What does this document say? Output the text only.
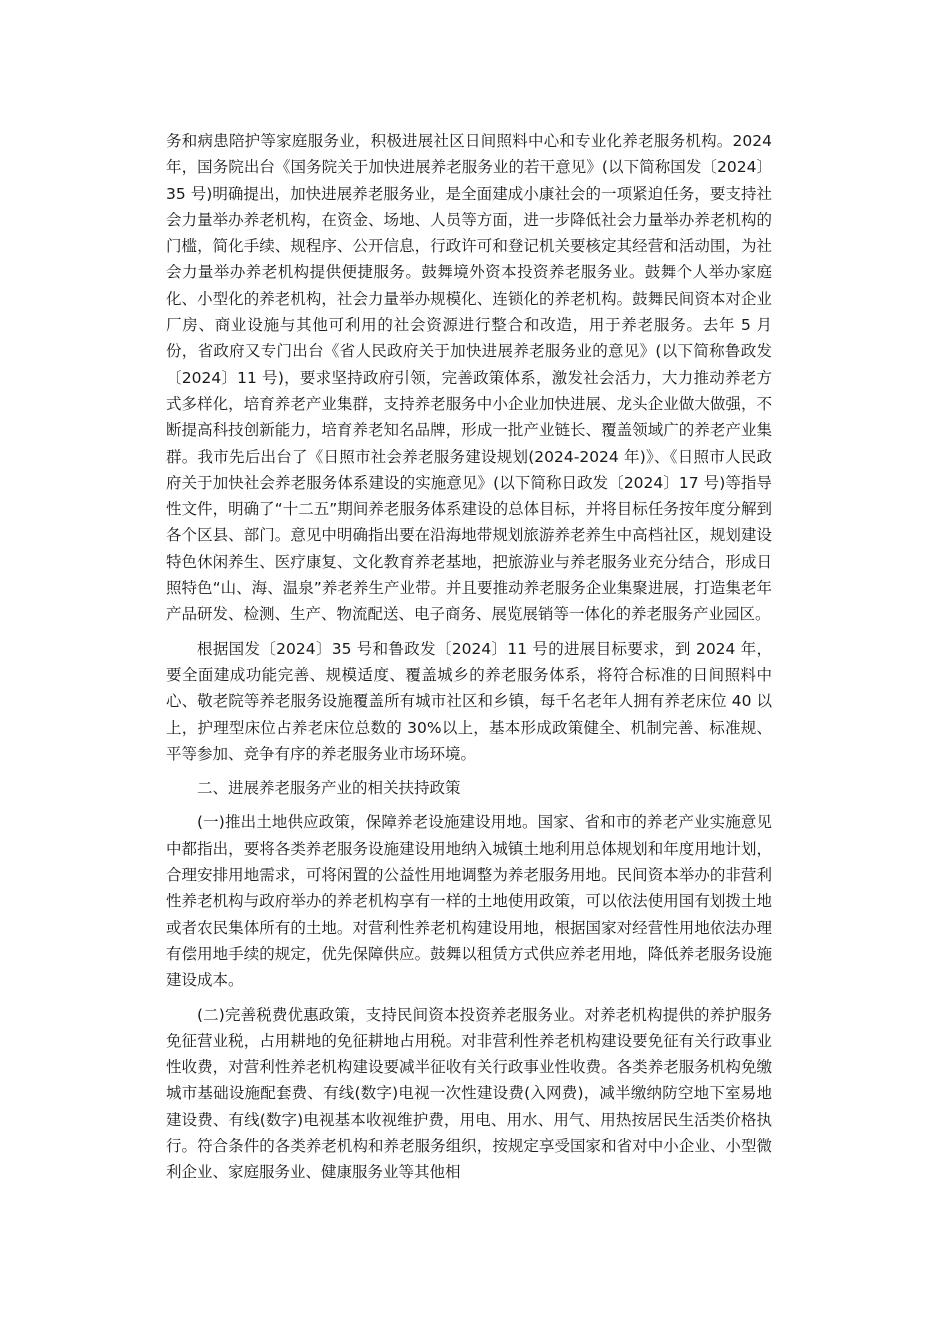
务和病患陪护等家庭服务业，积极进展社区日间照料中心和专业化养老服务机构。2024 年，国务院出台《国务院关于加快进展养老服务业的若干意见》(以下简称国发〔2024〕35 号)明确提出，加快进展养老服务业，是全面建成小康社会的一项紧迫任务，要支持社会力量举办养老机构，在资金、场地、人员等方面，进一步降低社会力量举办养老机构的门槛，简化手续、规程序、公开信息，行政许可和登记机关要核定其经营和活动围，为社会力量举办养老机构提供便捷服务。鼓舞境外资本投资养老服务业。鼓舞个人举办家庭化、小型化的养老机构，社会力量举办规模化、连锁化的养老机构。鼓舞民间资本对企业厂房、商业设施与其他可利用的社会资源进行整合和改造，用于养老服务。去年 5 月份，省政府又专门出台《省人民政府关于加快进展养老服务业的意见》(以下简称鲁政发〔2024〕11 号)，要求坚持政府引领，完善政策体系，激发社会活力，大力推动养老方式多样化，培育养老产业集群，支持养老服务中小企业加快进展、龙头企业做大做强，不断提高科技创新能力，培育养老知名品牌，形成一批产业链长、覆盖领域广的养老产业集群。我市先后出台了《日照市社会养老服务建设规划(2024-2024 年)》、《日照市人民政府关于加快社会养老服务体系建设的实施意见》(以下简称日政发〔2024〕17 号)等指导性文件，明确了“十二五”期间养老服务体系建设的总体目标，并将目标任务按年度分解到各个区县、部门。意见中明确指出要在沿海地带规划旅游养老养生中高档社区，规划建设特色休闲养生、医疗康复、文化教育养老基地，把旅游业与养老服务业充分结合，形成日照特色“山、海、温泉”养老养生产业带。并且要推动养老服务企业集聚进展，打造集老年产品研发、检测、生产、物流配送、电子商务、展览展销等一体化的养老服务产业园区。

根据国发〔2024〕35 号和鲁政发〔2024〕11 号的进展目标要求，到 2024 年，要全面建成功能完善、规模适度、覆盖城乡的养老服务体系，将符合标准的日间照料中心、敬老院等养老服务设施覆盖所有城市社区和乡镇，每千名老年人拥有养老床位 40 以上，护理型床位占养老床位总数的 30%以上，基本形成政策健全、机制完善、标准规、平等参加、竞争有序的养老服务业市场环境。

二、进展养老服务产业的相关扶持政策

(一)推出土地供应政策，保障养老设施建设用地。国家、省和市的养老产业实施意见中都指出，要将各类养老服务设施建设用地纳入城镇土地利用总体规划和年度用地计划，合理安排用地需求，可将闲置的公益性用地调整为养老服务用地。民间资本举办的非营利性养老机构与政府举办的养老机构享有一样的土地使用政策，可以依法使用国有划拨土地或者农民集体所有的土地。对营利性养老机构建设用地，根据国家对经营性用地依法办理有偿用地手续的规定，优先保障供应。鼓舞以租赁方式供应养老用地，降低养老服务设施建设成本。

(二)完善税费优惠政策，支持民间资本投资养老服务业。对养老机构提供的养护服务免征营业税，占用耕地的免征耕地占用税。对非营利性养老机构建设要免征有关行政事业性收费，对营利性养老机构建设要减半征收有关行政事业性收费。各类养老服务机构免缴城市基础设施配套费、有线(数字)电视一次性建设费(入网费)，减半缴纳防空地下室易地建设费、有线(数字)电视基本收视维护费，用电、用水、用气、用热按居民生活类价格执行。符合条件的各类养老机构和养老服务组织，按规定享受国家和省对中小企业、小型微利企业、家庭服务业、健康服务业等其他相
